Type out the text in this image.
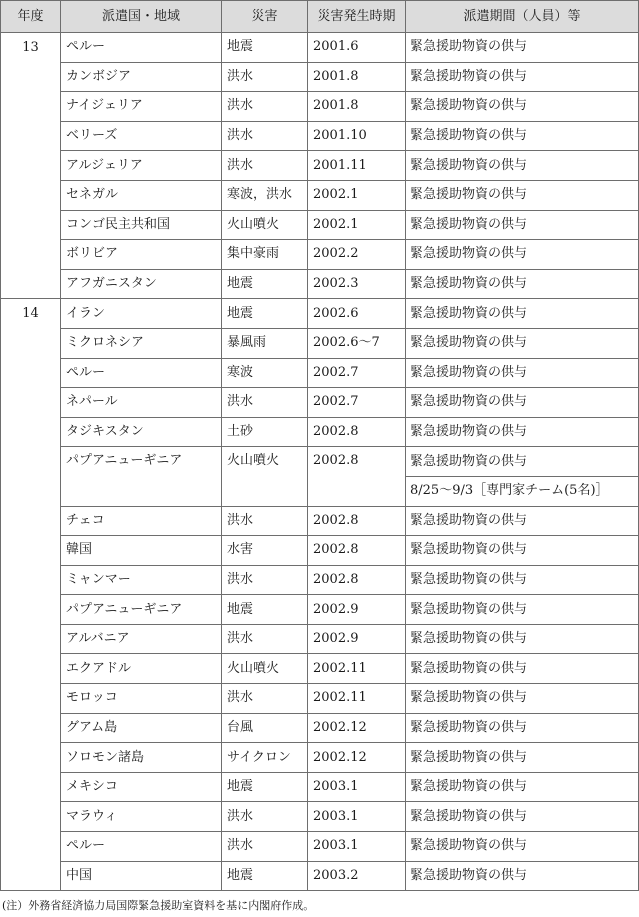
年度	派遣国・地域	災害	災害発生時期	派遣期間（人員）等
13	ペルー	地震	2001.6	緊急援助物資の供与
	カンボジア	洪水	2001.8	緊急援助物資の供与
	ナイジェリア	洪水	2001.8	緊急援助物資の供与
	ベリーズ	洪水	2001.10	緊急援助物資の供与
	アルジェリア	洪水	2001.11	緊急援助物資の供与
	セネガル	寒波，洪水	2002.1	緊急援助物資の供与
	コンゴ民主共和国	火山噴火	2002.1	緊急援助物資の供与
	ボリビア	集中豪雨	2002.2	緊急援助物資の供与
	アフガニスタン	地震	2002.3	緊急援助物資の供与
14	イラン	地震	2002.6	緊急援助物資の供与
	ミクロネシア	暴風雨	2002.6～7	緊急援助物資の供与
	ペルー	寒波	2002.7	緊急援助物資の供与
	ネパール	洪水	2002.7	緊急援助物資の供与
	タジキスタン	土砂	2002.8	緊急援助物資の供与
	パプアニューギニア	火山噴火	2002.8	緊急援助物資の供与
				8/25～9/3［専門家チーム(5名)］
	チェコ	洪水	2002.8	緊急援助物資の供与
	韓国	水害	2002.8	緊急援助物資の供与
	ミャンマー	洪水	2002.8	緊急援助物資の供与
	パプアニューギニア	地震	2002.9	緊急援助物資の供与
	アルバニア	洪水	2002.9	緊急援助物資の供与
	エクアドル	火山噴火	2002.11	緊急援助物資の供与
	モロッコ	洪水	2002.11	緊急援助物資の供与
	グアム島	台風	2002.12	緊急援助物資の供与
	ソロモン諸島	サイクロン	2002.12	緊急援助物資の供与
	メキシコ	地震	2003.1	緊急援助物資の供与
	マラウィ	洪水	2003.1	緊急援助物資の供与
	ペルー	洪水	2003.1	緊急援助物資の供与
	中国	地震	2003.2	緊急援助物資の供与
(注）外務省経済協力局国際緊急援助室資料を基に内閣府作成。
